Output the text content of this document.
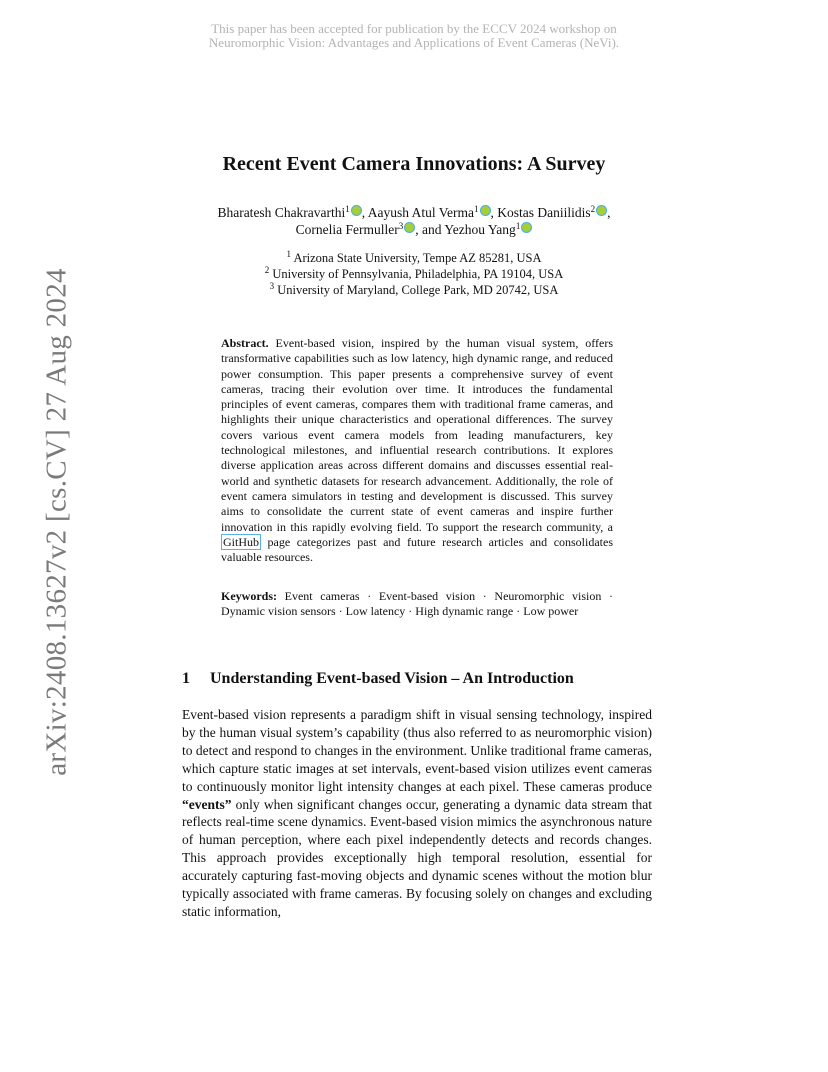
This paper has been accepted for publication by the ECCV 2024 workshop on
Neuromorphic Vision: Advantages and Applications of Event Cameras (NeVi).
arXiv:2408.13627v2 [cs.CV] 27 Aug 2024
Recent Event Camera Innovations: A Survey
Bharatesh Chakravarthi$^1$ , Aayush Atul Verma$^1$ , Kostas Daniilidis$^2$ ,
Cornelia Fermuller$^3$ , and Yezhou Yang$^1$
$^1$ Arizona State University, Tempe AZ 85281, USA
$^2$ University of Pennsylvania, Philadelphia, PA 19104, USA
$^3$ University of Maryland, College Park, MD 20742, USA

Abstract. Event-based vision, inspired by the human visual system, offers transformative capabilities such as low latency, high dynamic range, and reduced power consumption. This paper presents a comprehensive survey of event cameras, tracing their evolution over time. It introduces the fundamental principles of event cameras, compares them with traditional frame cameras, and highlights their unique characteristics and operational differences. The survey covers various event camera models from leading manufacturers, key technological milestones, and influential research contributions. It explores diverse application areas across different domains and discusses essential real-world and synthetic datasets for research advancement. Additionally, the role of event camera simulators in testing and development is discussed. This survey aims to consolidate the current state of event cameras and inspire further innovation in this rapidly evolving field. To support the research community, a GitHub page categorizes past and future research articles and consolidates valuable resources.

Keywords: Event cameras · Event-based vision · Neuromorphic vision · Dynamic vision sensors · Low latency · High dynamic range · Low power

1 Understanding Event-based Vision – An Introduction

Event-based vision represents a paradigm shift in visual sensing technology, inspired by the human visual system’s capability (thus also referred to as neuromorphic vision) to detect and respond to changes in the environment. Unlike traditional frame cameras, which capture static images at set intervals, event-based vision utilizes event cameras to continuously monitor light intensity changes at each pixel. These cameras produce “events” only when significant changes occur, generating a dynamic data stream that reflects real-time scene dynamics. Event-based vision mimics the asynchronous nature of human perception, where each pixel independently detects and records changes. This approach provides exceptionally high temporal resolution, essential for accurately capturing fast-moving objects and dynamic scenes without the motion blur typically associated with frame cameras. By focusing solely on changes and excluding static information,
